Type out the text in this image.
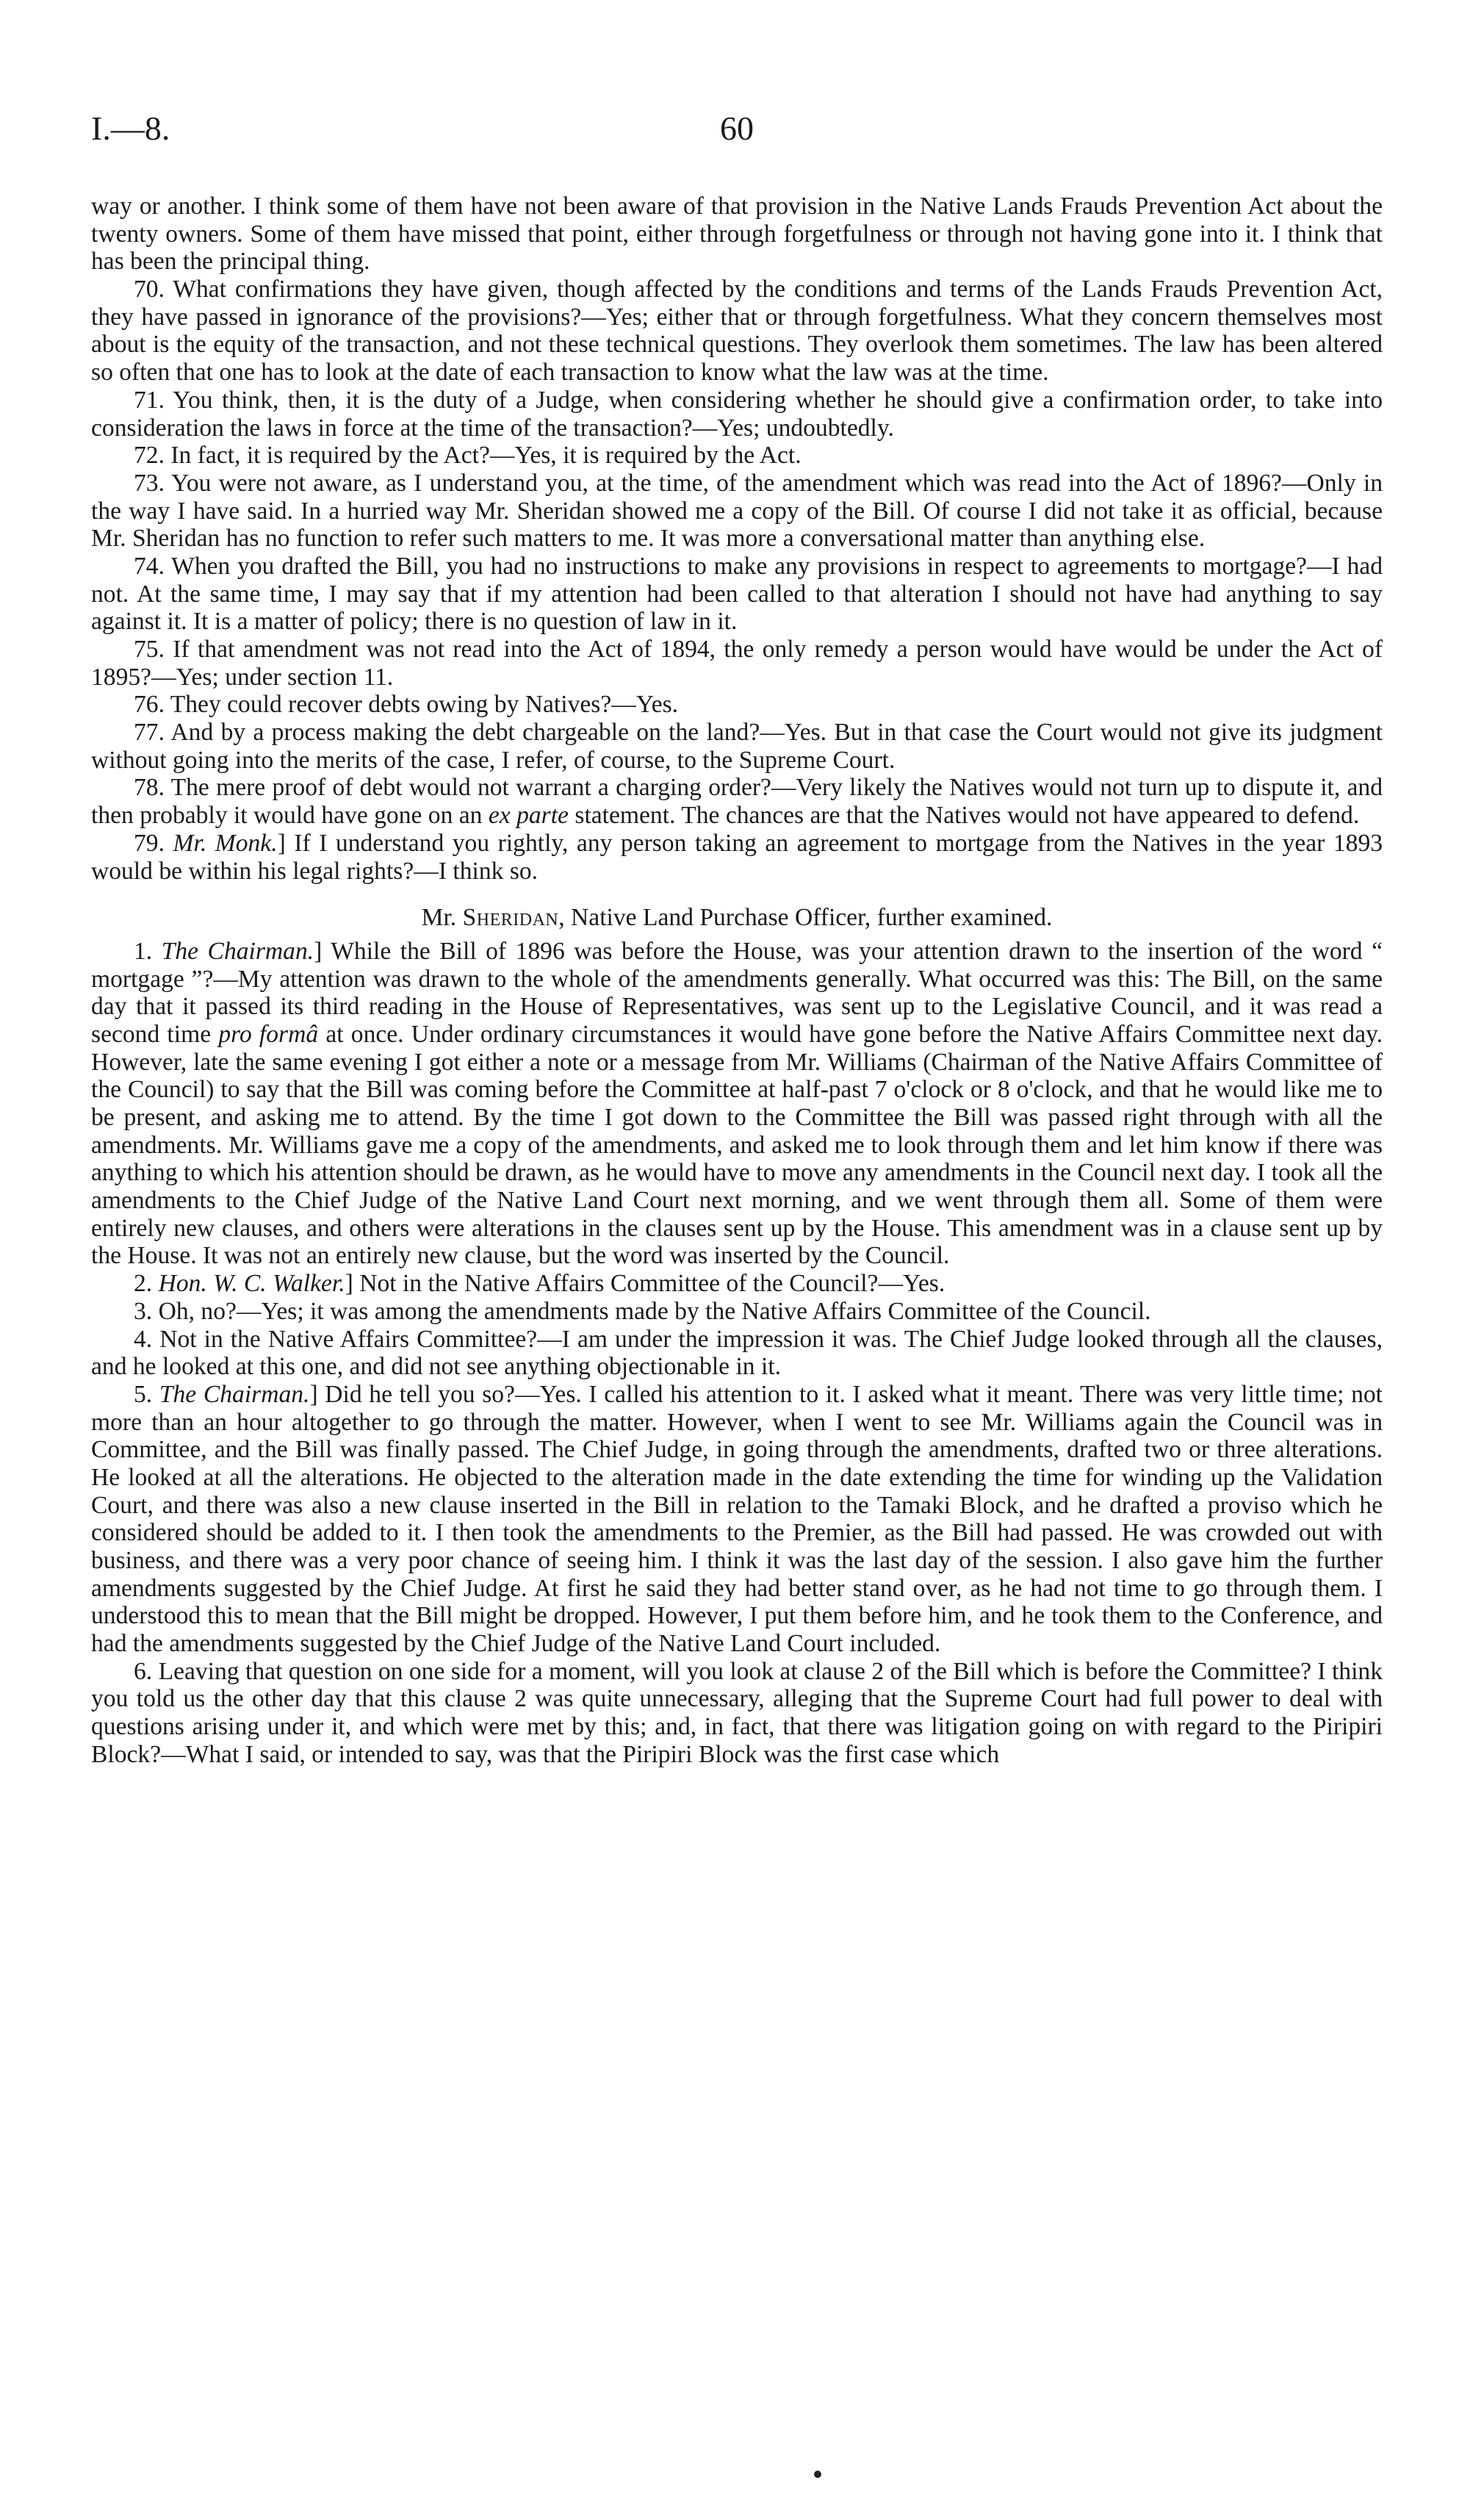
I.—8.	60

way or another. I think some of them have not been aware of that provision in the Native Lands Frauds Prevention Act about the twenty owners. Some of them have missed that point, either through forgetfulness or through not having gone into it. I think that has been the principal thing.

70. What confirmations they have given, though affected by the conditions and terms of the Lands Frauds Prevention Act, they have passed in ignorance of the provisions?—Yes; either that or through forgetfulness. What they concern themselves most about is the equity of the transaction, and not these technical questions. They overlook them sometimes. The law has been altered so often that one has to look at the date of each transaction to know what the law was at the time.

71. You think, then, it is the duty of a Judge, when considering whether he should give a confirmation order, to take into consideration the laws in force at the time of the transaction?—Yes; undoubtedly.

72. In fact, it is required by the Act?—Yes, it is required by the Act.

73. You were not aware, as I understand you, at the time, of the amendment which was read into the Act of 1896?—Only in the way I have said. In a hurried way Mr. Sheridan showed me a copy of the Bill. Of course I did not take it as official, because Mr. Sheridan has no function to refer such matters to me. It was more a conversational matter than anything else.

74. When you drafted the Bill, you had no instructions to make any provisions in respect to agreements to mortgage?—I had not. At the same time, I may say that if my attention had been called to that alteration I should not have had anything to say against it. It is a matter of policy; there is no question of law in it.

75. If that amendment was not read into the Act of 1894, the only remedy a person would have would be under the Act of 1895?—Yes; under section 11.

76. They could recover debts owing by Natives?—Yes.

77. And by a process making the debt chargeable on the land?—Yes. But in that case the Court would not give its judgment without going into the merits of the case, I refer, of course, to the Supreme Court.

78. The mere proof of debt would not warrant a charging order?—Very likely the Natives would not turn up to dispute it, and then probably it would have gone on an ex parte statement. The chances are that the Natives would not have appeared to defend.

79. Mr. Monk.] If I understand you rightly, any person taking an agreement to mortgage from the Natives in the year 1893 would be within his legal rights?—I think so.

Mr. Sheridan, Native Land Purchase Officer, further examined.

1. The Chairman.] While the Bill of 1896 was before the House, was your attention drawn to the insertion of the word “ mortgage ”?—My attention was drawn to the whole of the amendments generally. What occurred was this: The Bill, on the same day that it passed its third reading in the House of Representatives, was sent up to the Legislative Council, and it was read a second time pro formâ at once. Under ordinary circumstances it would have gone before the Native Affairs Committee next day. However, late the same evening I got either a note or a message from Mr. Williams (Chairman of the Native Affairs Committee of the Council) to say that the Bill was coming before the Committee at half-past 7 o'clock or 8 o'clock, and that he would like me to be present, and asking me to attend. By the time I got down to the Committee the Bill was passed right through with all the amendments. Mr. Williams gave me a copy of the amendments, and asked me to look through them and let him know if there was anything to which his attention should be drawn, as he would have to move any amendments in the Council next day. I took all the amendments to the Chief Judge of the Native Land Court next morning, and we went through them all. Some of them were entirely new clauses, and others were alterations in the clauses sent up by the House. This amendment was in a clause sent up by the House. It was not an entirely new clause, but the word was inserted by the Council.

2. Hon. W. C. Walker.] Not in the Native Affairs Committee of the Council?—Yes.

3. Oh, no?—Yes; it was among the amendments made by the Native Affairs Committee of the Council.

4. Not in the Native Affairs Committee?—I am under the impression it was. The Chief Judge looked through all the clauses, and he looked at this one, and did not see anything objectionable in it.

5. The Chairman.] Did he tell you so?—Yes. I called his attention to it. I asked what it meant. There was very little time; not more than an hour altogether to go through the matter. However, when I went to see Mr. Williams again the Council was in Committee, and the Bill was finally passed. The Chief Judge, in going through the amendments, drafted two or three alterations. He looked at all the alterations. He objected to the alteration made in the date extending the time for winding up the Validation Court, and there was also a new clause inserted in the Bill in relation to the Tamaki Block, and he drafted a proviso which he considered should be added to it. I then took the amendments to the Premier, as the Bill had passed. He was crowded out with business, and there was a very poor chance of seeing him. I think it was the last day of the session. I also gave him the further amendments suggested by the Chief Judge. At first he said they had better stand over, as he had not time to go through them. I understood this to mean that the Bill might be dropped. However, I put them before him, and he took them to the Conference, and had the amendments suggested by the Chief Judge of the Native Land Court included.

6. Leaving that question on one side for a moment, will you look at clause 2 of the Bill which is before the Committee? I think you told us the other day that this clause 2 was quite unnecessary, alleging that the Supreme Court had full power to deal with questions arising under it, and which were met by this; and, in fact, that there was litigation going on with regard to the Piripiri Block?—What I said, or intended to say, was that the Piripiri Block was the first case which
